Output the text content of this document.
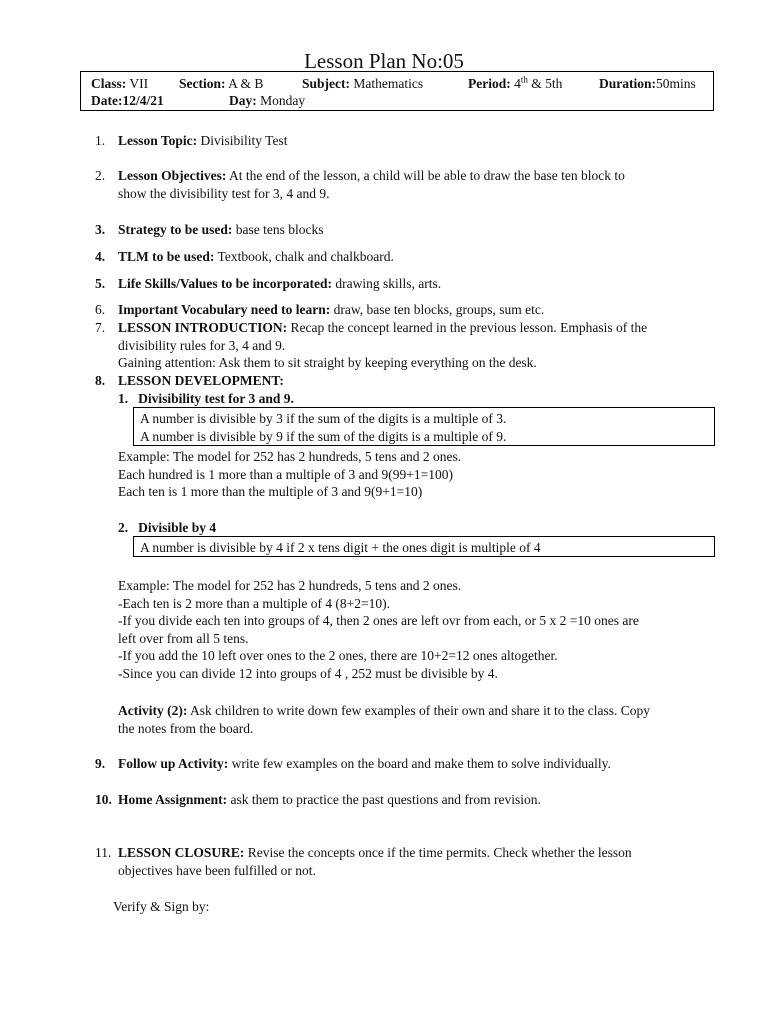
Lesson Plan No:05
Class: VII Section: A & B	Subject: Mathematics	Period: 4th & 5th	Duration:50mins
Date:12/4/21	Day: Monday
1. Lesson Topic: Divisibility Test
2. Lesson Objectives: At the end of the lesson, a child will be able to draw the base ten block to

show the divisibility test for 3, 4 and 9.

3. Strategy to be used: base tens blocks
4. TLM to be used: Textbook, chalk and chalkboard.
5. Life Skills/Values to be incorporated: drawing skills, arts.
6. Important Vocabulary need to learn: draw, base ten blocks, groups, sum etc.
7. LESSON INTRODUCTION: Recap the concept learned in the previous lesson. Emphasis of the

divisibility rules for 3, 4 and 9.

Gaining attention: Ask them to sit straight by keeping everything on the desk.

8. LESSON DEVELOPMENT:
1. Divisibility test for 3 and 9.

A number is divisible by 3 if the sum of the digits is a multiple of 3.

A number is divisible by 9 if the sum of the digits is a multiple of 9.

Example: The model for 252 has 2 hundreds, 5 tens and 2 ones.

Each hundred is 1 more than a multiple of 3 and 9(99+1=100)

Each ten is 1 more than the multiple of 3 and 9(9+1=10)

2. Divisible by 4

A number is divisible by 4 if 2 x tens digit + the ones digit is multiple of 4

Example: The model for 252 has 2 hundreds, 5 tens and 2 ones.

-Each ten is 2 more than a multiple of 4 (8+2=10).

-If you divide each ten into groups of 4, then 2 ones are left ovr from each, or 5 x 2 =10 ones are

left over from all 5 tens.

-If you add the 10 left over ones to the 2 ones, there are 10+2=12 ones altogether.

-Since you can divide 12 into groups of 4 , 252 must be divisible by 4.

Activity (2): Ask children to write down few examples of their own and share it to the class. Copy

the notes from the board.

9. Follow up Activity: write few examples on the board and make them to solve individually.
10. Home Assignment: ask them to practice the past questions and from revision.
11. LESSON CLOSURE: Revise the concepts once if the time permits. Check whether the lesson

objectives have been fulfilled or not.

Verify & Sign by:
